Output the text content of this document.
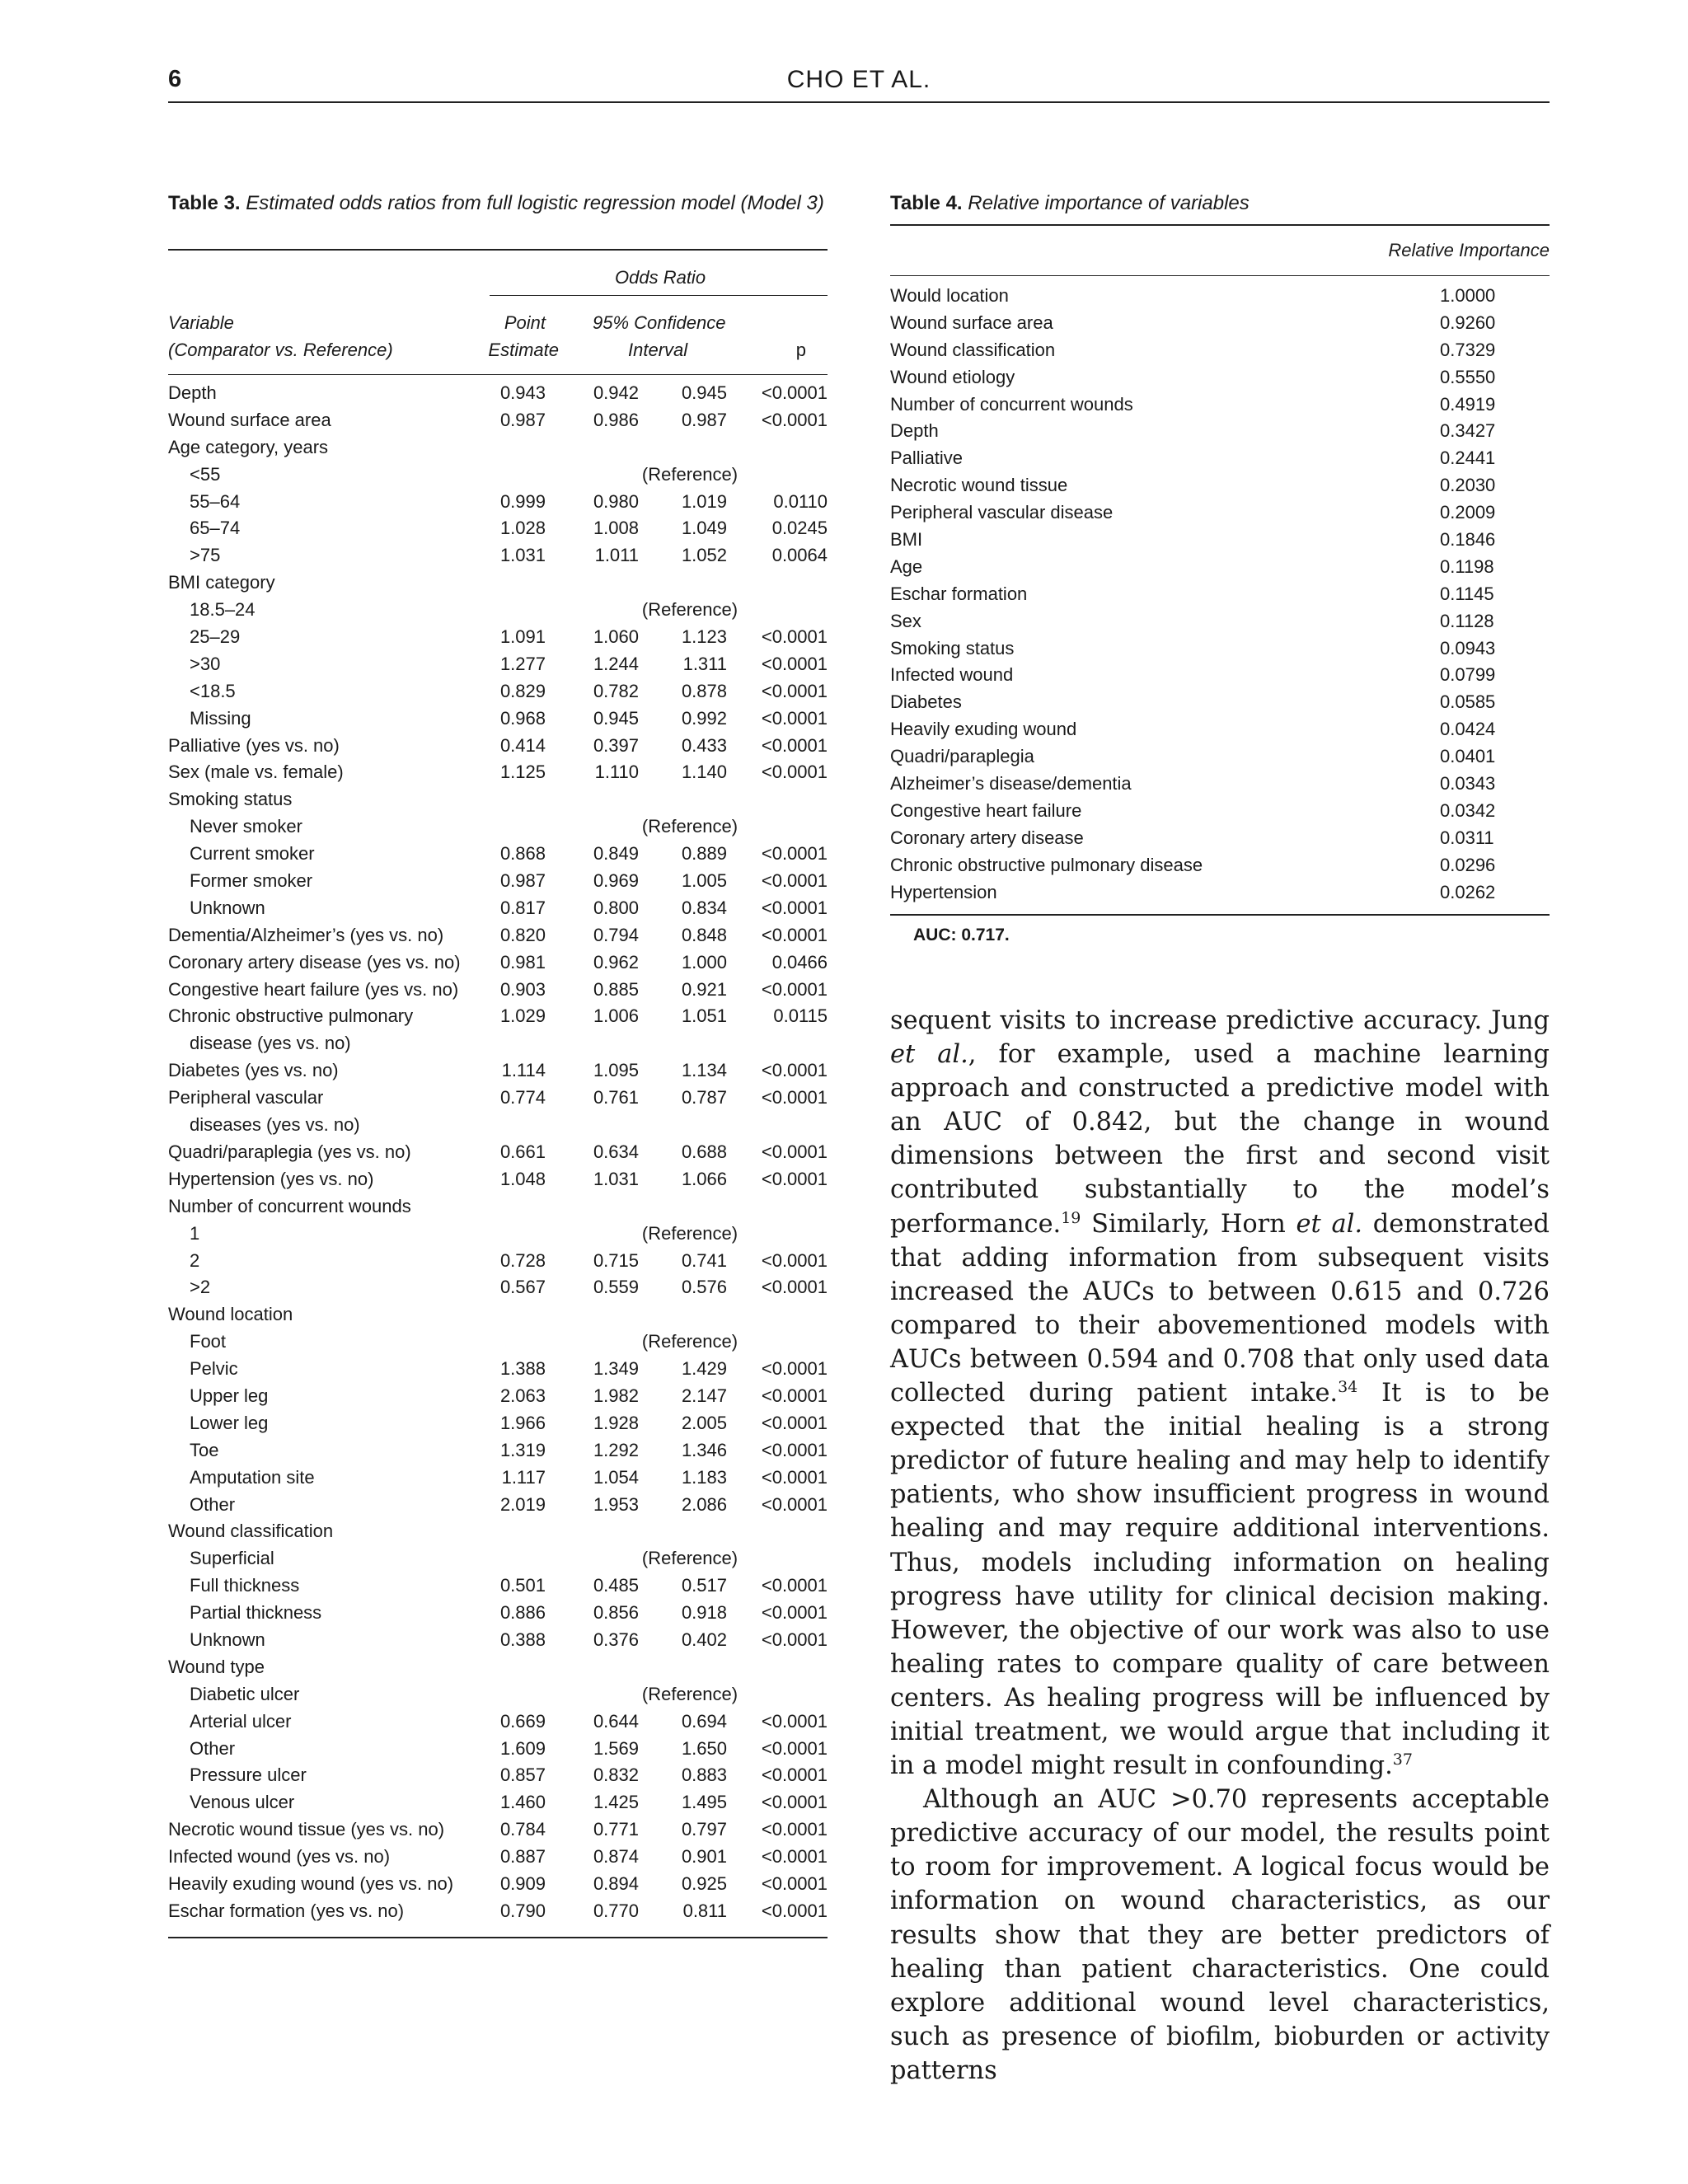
6	CHO ET AL.
Table 3. Estimated odds ratios from full logistic regression model (Model 3)
Odds Ratio
Variable
(Comparator vs. Reference)
Point
Estimate
95% Confidence
Interval	p
Depth	0.943	0.942 0.945 <0.0001
Wound surface area	0.987	0.986 0.987 <0.0001
Age category, years
<55	(Reference)
55–64	0.999	0.980 1.019	0.0110
65–74	1.028	1.008 1.049 0.0245
>75	1.031	1.011 1.052 0.0064
BMI category
18.5–24	(Reference)
25–29	1.091	1.060 1.123 <0.0001
>30	1.277	1.244 1.311 <0.0001
<18.5	0.829	0.782 0.878 <0.0001
Missing	0.968	0.945 0.992 <0.0001
Palliative (yes vs. no)	0.414	0.397 0.433 <0.0001
Sex (male vs. female)	1.125	1.110 1.140 <0.0001
Smoking status
Never smoker	(Reference)
Current smoker	0.868	0.849 0.889 <0.0001
Former smoker	0.987	0.969 1.005 <0.0001
Unknown	0.817	0.800 0.834 <0.0001
Dementia/Alzheimer’s (yes vs. no)	0.820	0.794 0.848 <0.0001
Coronary artery disease (yes vs. no) 0.981	0.962 1.000 0.0466
Congestive heart failure (yes vs. no) 0.903	0.885 0.921 <0.0001
Chronic obstructive pulmonary	1.029	1.006 1.051	0.0115
disease (yes vs. no)
Diabetes (yes vs. no)	1.114	1.095 1.134 <0.0001
Peripheral vascular	0.774	0.761 0.787 <0.0001
diseases (yes vs. no)
Quadri/paraplegia (yes vs. no)	0.661	0.634 0.688 <0.0001
Hypertension (yes vs. no)	1.048	1.031 1.066 <0.0001
Number of concurrent wounds
1	(Reference)
2	0.728	0.715 0.741 <0.0001
>2	0.567	0.559 0.576 <0.0001
Wound location
Foot	(Reference)
Pelvic	1.388	1.349 1.429 <0.0001
Upper leg	2.063	1.982 2.147 <0.0001
Lower leg	1.966	1.928 2.005 <0.0001
Toe	1.319	1.292 1.346 <0.0001
Amputation site	1.117	1.054 1.183 <0.0001
Other	2.019	1.953 2.086 <0.0001
Wound classification
Superficial	(Reference)
Full thickness	0.501	0.485 0.517 <0.0001
Partial thickness	0.886	0.856 0.918 <0.0001
Unknown	0.388	0.376 0.402 <0.0001
Wound type
Diabetic ulcer	(Reference)
Arterial ulcer	0.669	0.644 0.694 <0.0001
Other	1.609	1.569 1.650 <0.0001
Pressure ulcer	0.857	0.832 0.883 <0.0001
Venous ulcer	1.460	1.425 1.495 <0.0001
Necrotic wound tissue (yes vs. no)	0.784	0.771 0.797 <0.0001
Infected wound (yes vs. no)	0.887	0.874 0.901 <0.0001
Heavily exuding wound (yes vs. no)	0.909	0.894 0.925 <0.0001
Eschar formation (yes vs. no)	0.790	0.770 0.811 <0.0001
Table 4. Relative importance of variables
Relative Importance
Would location	1.0000
Wound surface area	0.9260
Wound classification	0.7329
Wound etiology	0.5550
Number of concurrent wounds	0.4919
Depth	0.3427
Palliative	0.2441
Necrotic wound tissue	0.2030
Peripheral vascular disease	0.2009
BMI	0.1846
Age	0.1198
Eschar formation	0.1145
Sex	0.1128
Smoking status	0.0943
Infected wound	0.0799
Diabetes	0.0585
Heavily exuding wound	0.0424
Quadri/paraplegia	0.0401
Alzheimer’s disease/dementia	0.0343
Congestive heart failure	0.0342
Coronary artery disease	0.0311
Chronic obstructive pulmonary disease	0.0296
Hypertension	0.0262
AUC: 0.717.

sequent visits to increase predictive accuracy. Jung et al., for example, used a machine learning approach and constructed a predictive model with an AUC of 0.842, but the change in wound dimensions between the first and second visit contributed substantially to the model’s performance.$^{19}$ Similarly, Horn et al. demonstrated that adding information from subsequent visits increased the AUCs to between 0.615 and 0.726 compared to their abovementioned models with AUCs between 0.594 and 0.708 that only used data collected during patient intake.$^{34}$ It is to be expected that the initial healing is a strong predictor of future healing and may help to identify patients, who show insufficient progress in wound healing and may require additional interventions. Thus, models including information on healing progress have utility for clinical decision making. However, the objective of our work was also to use healing rates to compare quality of care between centers. As healing progress will be influenced by initial treatment, we would argue that including it in a model might result in confounding.$^{37}$

Although an AUC >0.70 represents acceptable predictive accuracy of our model, the results point to room for improvement. A logical focus would be information on wound characteristics, as our results show that they are better predictors of healing than patient characteristics. One could explore additional wound level characteristics, such as presence of biofilm, bioburden or activity patterns
